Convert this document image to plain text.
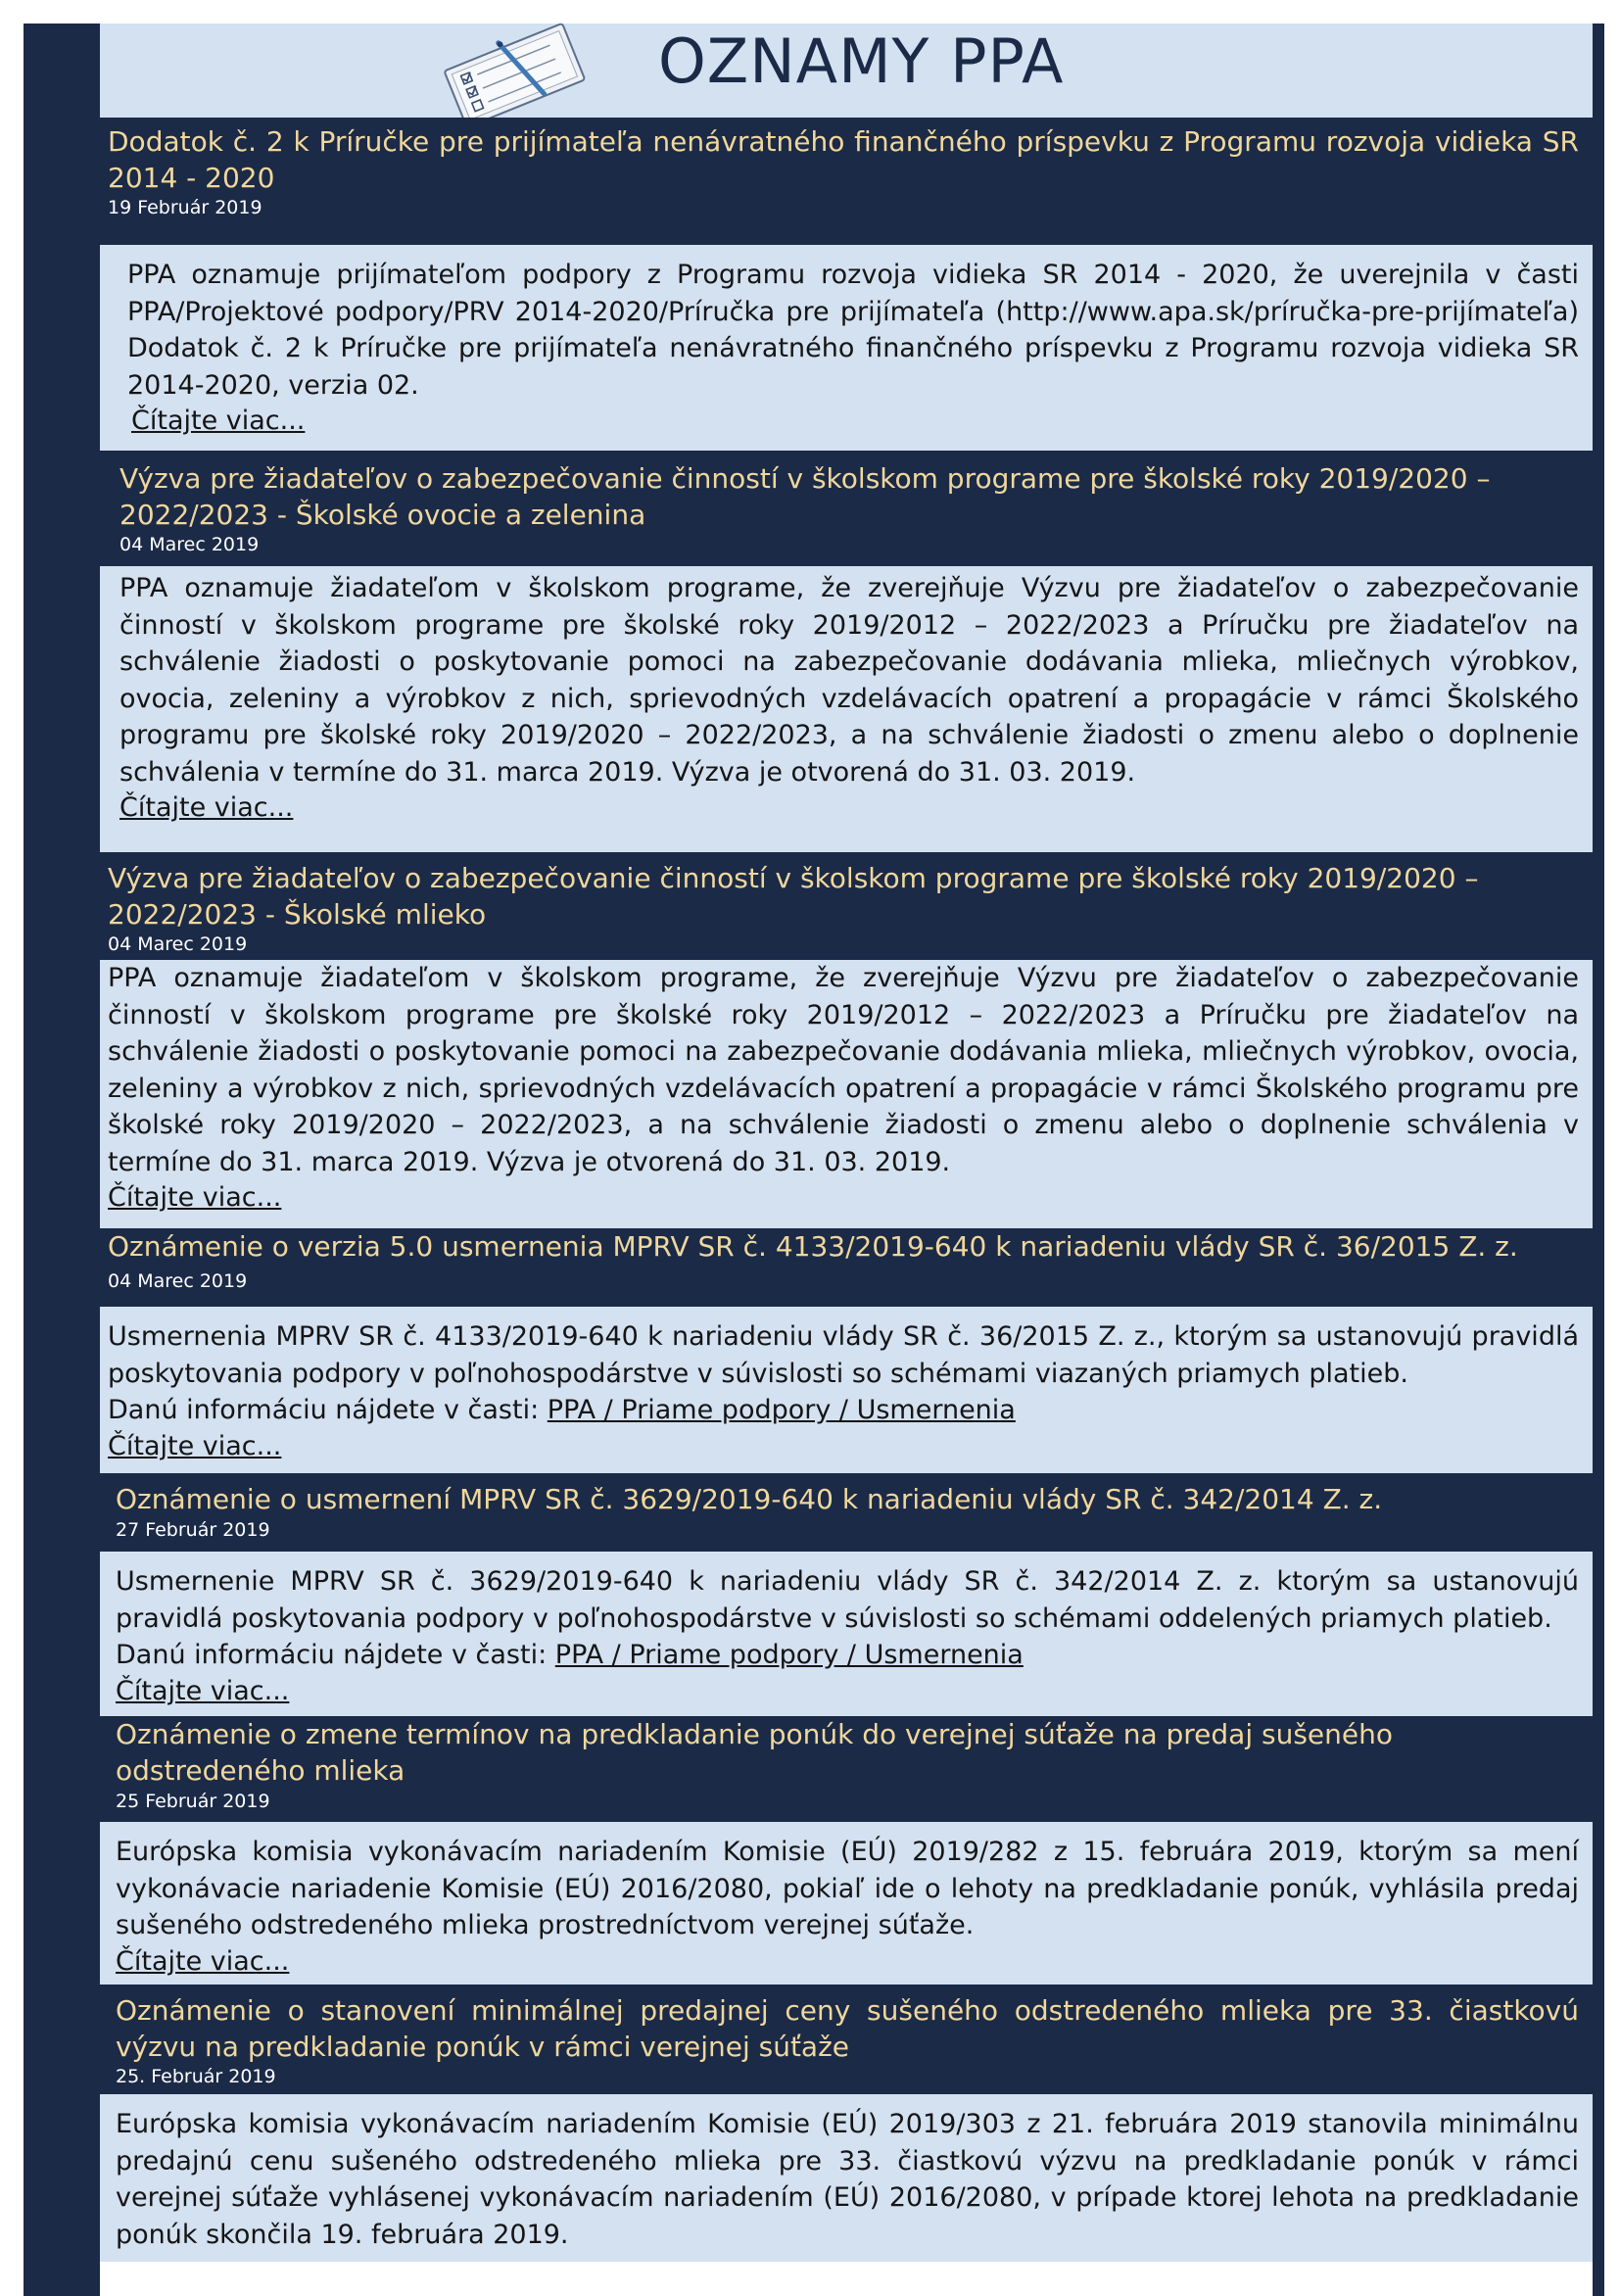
OZNAMY PPA
Dodatok č. 2 k Príručke pre prijímateľa nenávratného finančného príspevku z Programu rozvoja vidieka SR 2014 - 2020
19 Február 2019
PPA oznamuje prijímateľom podpory z Programu rozvoja vidieka SR 2014 - 2020, že uverejnila v časti PPA/Projektové podpory/PRV 2014-2020/Príručka pre prijímateľa (http://www.apa.sk/príručka-pre-prijímateľa) Dodatok č. 2 k Príručke pre prijímateľa nenávratného finančného príspevku z Programu rozvoja vidieka SR 2014-2020, verzia 02.
Čítajte viac...
Výzva pre žiadateľov o zabezpečovanie činností v školskom programe pre školské roky 2019/2020 – 2022/2023 - Školské ovocie a zelenina
04 Marec 2019
PPA oznamuje žiadateľom v školskom programe, že zverejňuje Výzvu pre žiadateľov o zabezpečovanie činností v školskom programe pre školské roky 2019/2012 – 2022/2023 a Príručku pre žiadateľov na schválenie žiadosti o poskytovanie pomoci na zabezpečovanie dodávania mlieka, mliečnych výrobkov, ovocia, zeleniny a výrobkov z nich, sprievodných vzdelávacích opatrení a propagácie v rámci Školského programu pre školské roky 2019/2020 – 2022/2023, a na schválenie žiadosti o zmenu alebo o doplnenie schválenia v termíne do 31. marca 2019. Výzva je otvorená do 31. 03. 2019.
Čítajte viac...
Výzva pre žiadateľov o zabezpečovanie činností v školskom programe pre školské roky 2019/2020 – 2022/2023 - Školské mlieko
04 Marec 2019
PPA oznamuje žiadateľom v školskom programe, že zverejňuje Výzvu pre žiadateľov o zabezpečovanie činností v školskom programe pre školské roky 2019/2012 – 2022/2023 a Príručku pre žiadateľov na schválenie žiadosti o poskytovanie pomoci na zabezpečovanie dodávania mlieka, mliečnych výrobkov, ovocia, zeleniny a výrobkov z nich, sprievodných vzdelávacích opatrení a propagácie v rámci Školského programu pre školské roky 2019/2020 – 2022/2023, a na schválenie žiadosti o zmenu alebo o doplnenie schválenia v termíne do 31. marca 2019. Výzva je otvorená do 31. 03. 2019.
Čítajte viac...
Oznámenie o verzia 5.0 usmernenia MPRV SR č. 4133/2019-640 k nariadeniu vlády SR č. 36/2015 Z. z.
04 Marec 2019
Usmernenia MPRV SR č. 4133/2019-640 k nariadeniu vlády SR č. 36/2015 Z. z., ktorým sa ustanovujú pravidlá poskytovania podpory v poľnohospodárstve v súvislosti so schémami viazaných priamych platieb.
Danú informáciu nájdete v časti: PPA / Priame podpory / Usmernenia
Čítajte viac...
Oznámenie o usmernení MPRV SR č. 3629/2019-640 k nariadeniu vlády SR č. 342/2014 Z. z.
27 Február 2019
Usmernenie MPRV SR č. 3629/2019-640 k nariadeniu vlády SR č. 342/2014 Z. z. ktorým sa ustanovujú pravidlá poskytovania podpory v poľnohospodárstve v súvislosti so schémami oddelených priamych platieb.
Danú informáciu nájdete v časti: PPA / Priame podpory / Usmernenia
Čítajte viac...
Oznámenie o zmene termínov na predkladanie ponúk do verejnej súťaže na predaj sušeného odstredeného mlieka
25 Február 2019
Európska komisia vykonávacím nariadením Komisie (EÚ) 2019/282 z 15. februára 2019, ktorým sa mení vykonávacie nariadenie Komisie (EÚ) 2016/2080, pokiaľ ide o lehoty na predkladanie ponúk, vyhlásila predaj sušeného odstredeného mlieka prostredníctvom verejnej súťaže.
Čítajte viac...
Oznámenie o stanovení minimálnej predajnej ceny sušeného odstredeného mlieka pre 33. čiastkovú výzvu na predkladanie ponúk v rámci verejnej súťaže
25. Február 2019
Európska komisia vykonávacím nariadením Komisie (EÚ) 2019/303 z 21. februára 2019 stanovila minimálnu predajnú cenu sušeného odstredeného mlieka pre 33. čiastkovú výzvu na predkladanie ponúk v rámci verejnej súťaže vyhlásenej vykonávacím nariadením (EÚ) 2016/2080, v prípade ktorej lehota na predkladanie ponúk skončila 19. februára 2019.
